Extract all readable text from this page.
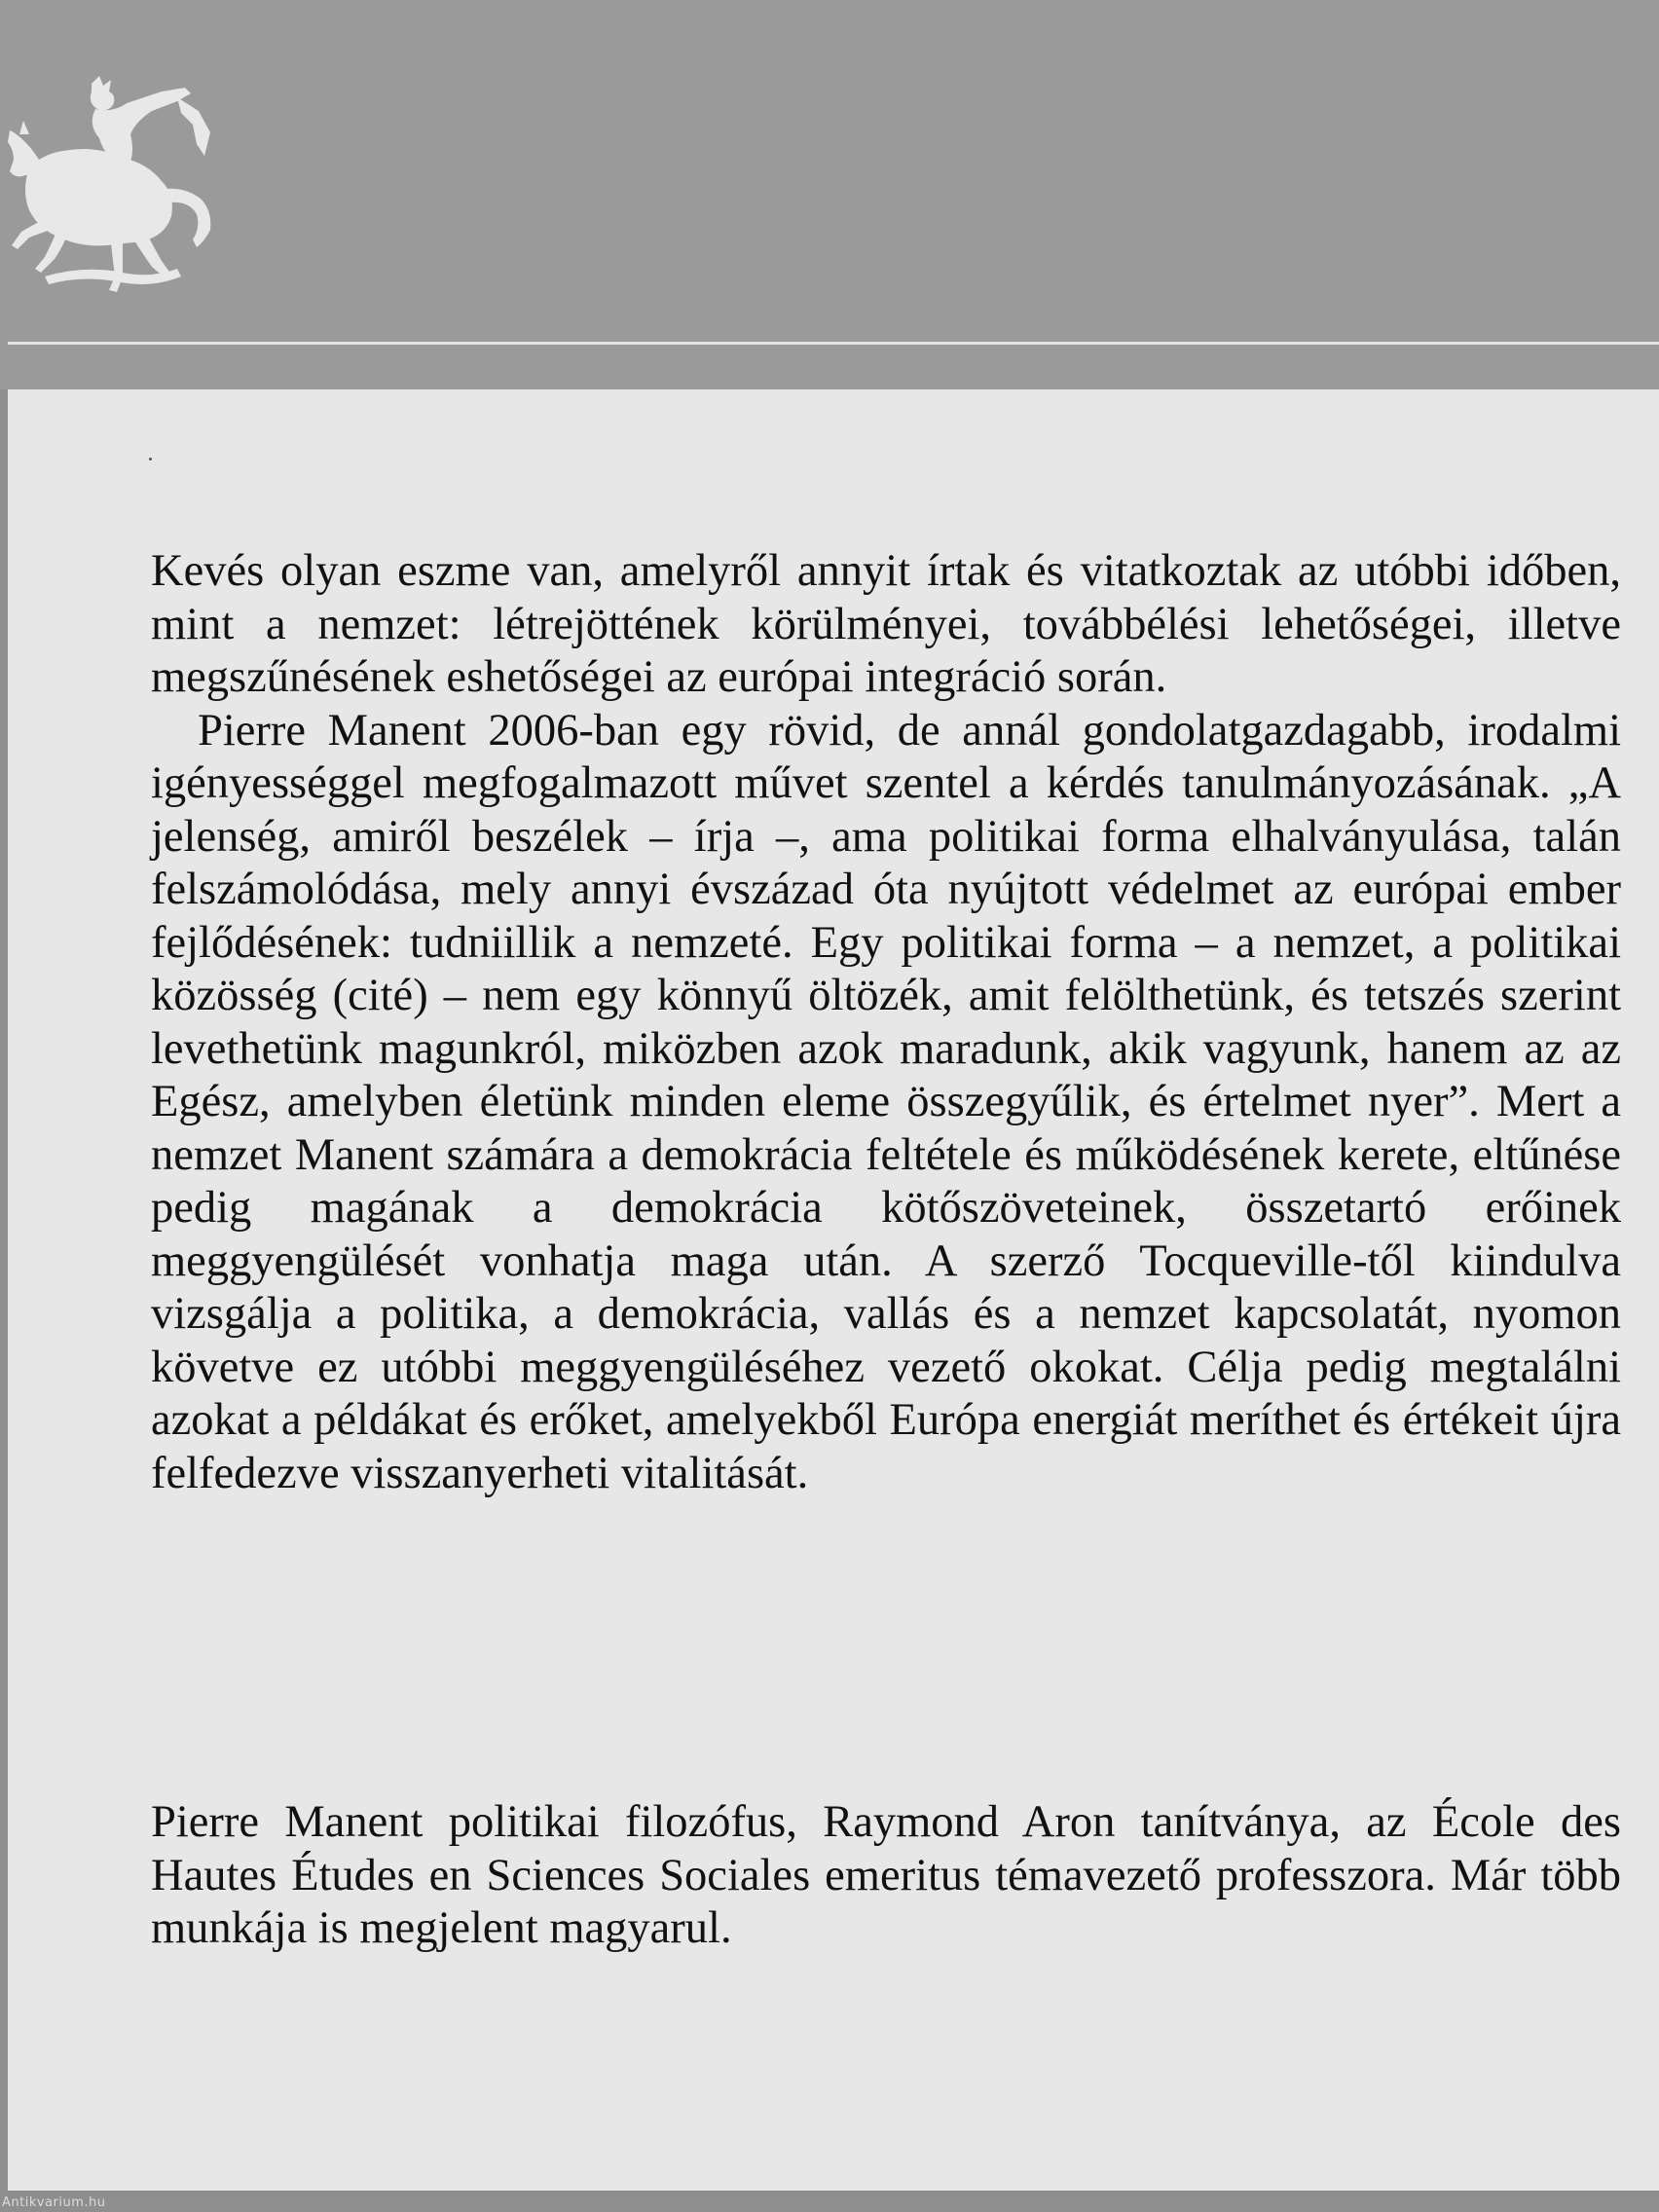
Kevés olyan eszme van, amelyről annyit írtak és vitatkoztak az utóbbi időben, mint a nemzet: létrejöttének körülményei, továbbélési lehetőségei, illetve megszűnésének eshetőségei az európai integráció során.

Pierre Manent 2006-ban egy rövid, de annál gondolatgazdagabb, irodalmi igényességgel megfogalmazott művet szentel a kérdés tanulmányozásának. „A jelenség, amiről beszélek – írja –, ama politikai forma elhalványulása, talán felszámolódása, mely annyi évszázad óta nyújtott védelmet az európai ember fejlődésének: tudniillik a nemzeté. Egy politikai forma – a nemzet, a politikai közösség (cité) – nem egy könnyű öltözék, amit felölthetünk, és tetszés szerint levethetünk magunkról, miközben azok maradunk, akik vagyunk, hanem az az Egész, amelyben életünk minden eleme összegyűlik, és értelmet nyer”. Mert a nemzet Manent számára a demokrácia feltétele és működésének kerete, eltűnése pedig magának a demokrácia kötőszöveteinek, összetartó erőinek meggyengülését vonhatja maga után. A szerző Tocqueville-től kiindulva vizsgálja a politika, a demokrácia, vallás és a nemzet kapcsolatát, nyomon követve ez utóbbi meggyengüléséhez vezető okokat. Célja pedig megtalálni azokat a példákat és erőket, amelyekből Európa energiát meríthet és értékeit újra felfedezve visszanyerheti vitalitását.

Pierre Manent politikai filozófus, Raymond Aron tanítványa, az École des Hautes Études en Sciences Sociales emeritus témavezető professzora. Már több munkája is megjelent magyarul.

Antikvarium.hu
